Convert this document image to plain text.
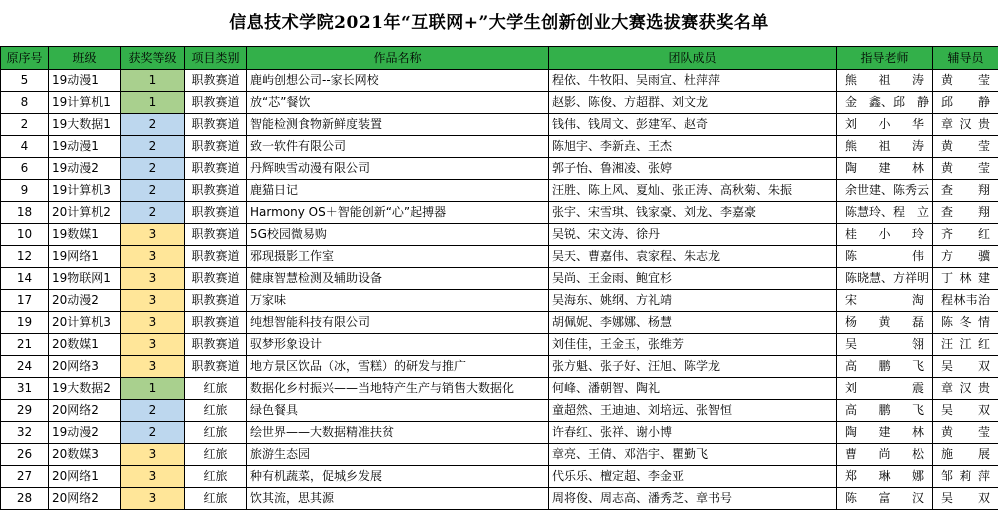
信息技术学院2021年“互联网+”大学生创新创业大赛选拔赛获奖名单
原序号	班级	获奖等级	项目类别	作品名称	团队成员	指导老师	辅导员
5	19动漫1	1	职教赛道	鹿屿创想公司--家长网校	程依、牛牧阳、吴雨宣、杜萍萍	熊祖涛	黄　莹
8	19计算机1	1	职教赛道	放“芯”餐饮	赵影、陈俊、方超群、刘文龙	金　鑫、邱　静	邱　静
2	19大数据1	2	职教赛道	智能检测食物新鲜度装置	钱伟、钱周文、彭建军、赵奇	刘小华	章汉贵
4	19动漫1	2	职教赛道	致一软件有限公司	陈旭宇、李新垚、王杰	熊祖涛	黄　莹
6	19动漫2	2	职教赛道	丹辉映雪动漫有限公司	郭子怡、鲁湘凌、张婷	陶建林	黄　莹
9	19计算机3	2	职教赛道	鹿猫日记	汪胜、陈上风、夏灿、张正涛、高秋菊、朱振	余世建、陈秀云	查　翔
18	20计算机2	2	职教赛道	Harmony OS＋智能创新“心”起搏器	张宇、宋雪琪、钱家豪、刘龙、李嘉豪	陈慧玲、程　立	查　翔
10	19数媒1	3	职教赛道	5G校园微易购	吴锐、宋文涛、徐丹	桂小玲	齐　红
12	19网络1	3	职教赛道	邪现摄影工作室	吴天、曹嘉伟、袁家程、朱志龙	陈　伟	方　骥
14	19物联网1	3	职教赛道	健康智慧检测及辅助设备	吴尚、王金雨、鲍宜杉	陈晓慧、方祥明	丁林建
17	20动漫2	3	职教赛道	万家味	吴海东、姚纲、方礼靖	宋　淘	程林韦治
19	20计算机3	3	职教赛道	纯想智能科技有限公司	胡佩妮、李娜娜、杨慧	杨黄磊	陈冬情
21	20数媒1	3	职教赛道	驭梦形象设计	刘佳佳，王金玉，张维芳	吴　翎	汪江红
24	20网络3	3	职教赛道	地方景区饮品（冰，雪糕）的研发与推广	张方魁、张子好、汪旭、陈学龙	高鹏飞	吴　双
31	19大数据2	1	红旅	数据化乡村振兴——当地特产生产与销售大数据化	何峰、潘朝智、陶礼	刘　震	章汉贵
29	20网络2	2	红旅	绿色餐具	童超然、王迪迪、刘培远、张智恒	高鹏飞	吴　双
32	19动漫2	2	红旅	绘世界——大数据精准扶贫	许春红、张祥、谢小博	陶建林	黄　莹
26	20数媒3	3	红旅	旅游生态园	章亮、王倩、邓浩宇、瞿勤飞	曹尚松	施　展
27	20网络1	3	红旅	种有机蔬菜，促城乡发展	代乐乐、檀定超、李金亚	郑琳娜	邹莉萍
28	20网络2	3	红旅	饮其流，思其源	周将俊、周志高、潘秀芝、章书号	陈富汉	吴　双
